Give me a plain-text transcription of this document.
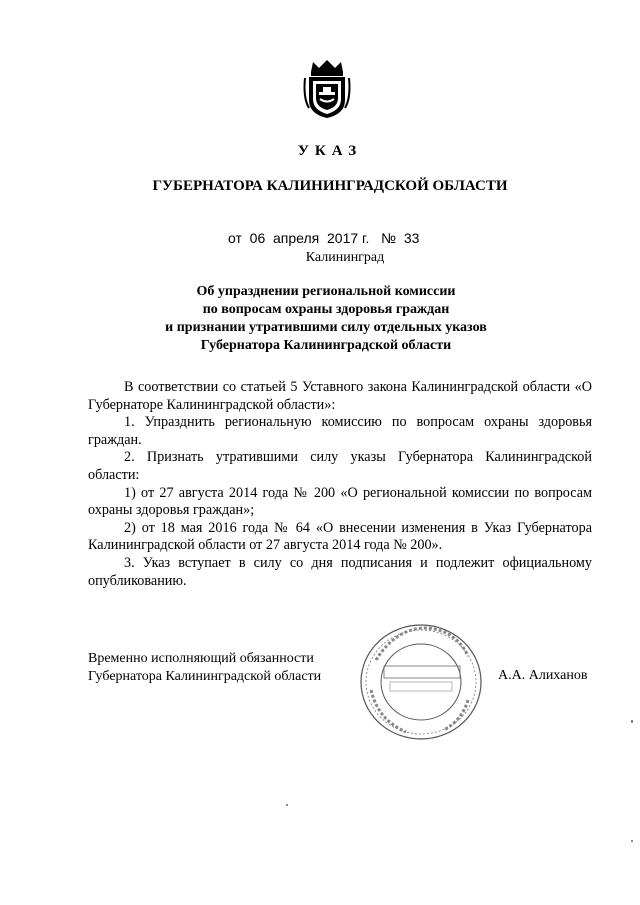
УКАЗ
ГУБЕРНАТОРА КАЛИНИНГРАДСКОЙ ОБЛАСТИ
от  06  апреля  2017 г.   №  33
Калининград
Об упразднении региональной комиссии
по вопросам охраны здоровья граждан
и признании утратившими силу отдельных указов
Губернатора Калининградской области

В соответствии со статьей 5 Уставного закона Калининградской области «О Губернаторе Калининградской области»:

1. Упразднить региональную комиссию по вопросам охраны здоровья граждан.

2. Признать утратившими силу указы Губернатора Калининградской области:

1) от 27 августа 2014 года № 200 «О региональной комиссии по вопросам охраны здоровья граждан»;

2) от 18 мая 2016 года № 64 «О внесении изменения в Указ Губернатора Калининградской области от 27 августа 2014 года № 200».

3. Указ вступает в силу со дня подписания и подлежит официальному опубликованию.

Временно исполняющий обязанности
Губернатора Калининградской области	А.А. Алиханов
